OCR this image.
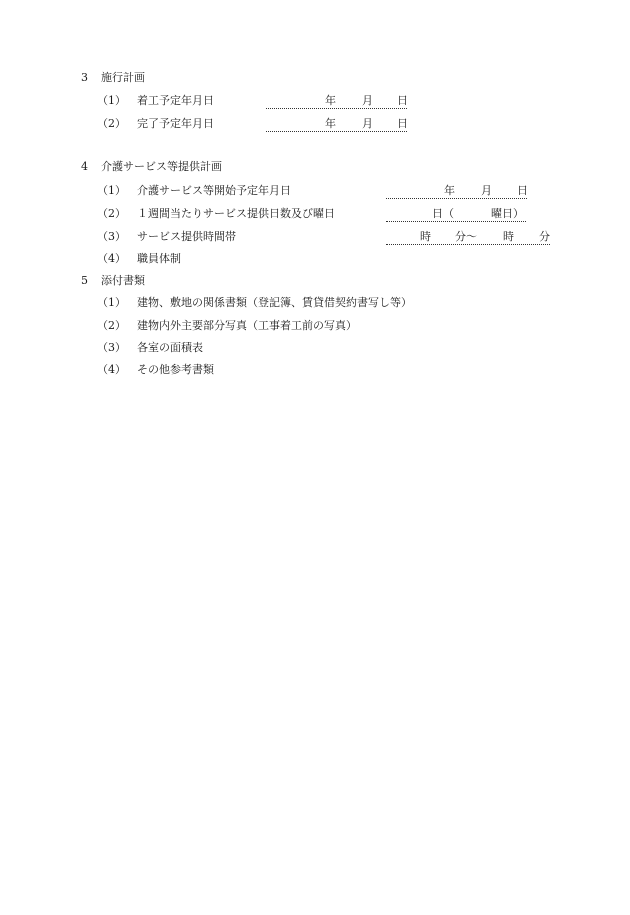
3 施行計画
（1） 着工予定年月日	年 月 日
（2） 完了予定年月日	年 月 日
4 介護サービス等提供計画
（1） 介護サービス等開始予定年月日	年 月 日
（2） １週間当たりサービス提供日数及び曜日	日（	曜日）
（3） サービス提供時間帯	時 分～ 時 分
（4） 職員体制
5 添付書類
（1） 建物、敷地の関係書類（登記簿、賃貸借契約書写し等）
（2） 建物内外主要部分写真（工事着工前の写真）
（3） 各室の面積表
（4） その他参考書類
